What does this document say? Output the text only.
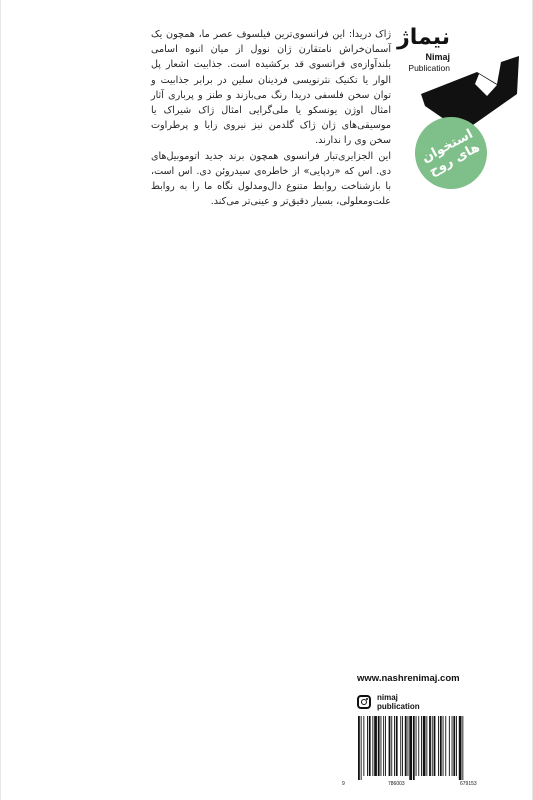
ژاک دریدا: این فرانسوی‌ترین فیلسوف عصر ما، همچون یک آسمان‌خراش نامتقارن ژان نوول از میان انبوه اسامی بلندآوازه‌ی فرانسوی قد برکشیده است. جذابیت اشعار پل الوار یا تکنیک نثرنویسی فردینان سلین در برابر جذابیت و توان سخن فلسفی دریدا رنگ می‌بازند و طنز و پرباری آثار امثال اوژن یونسکو یا ملی‌گرایی امثال ژاک شیراک یا موسیقی‌های ژان ژاک گلدمن نیز نیروی زایا و پرطراوت سخن وی را ندارند.

این الجزایری‌تبار فرانسوی همچون برند جدید اتوموبیل‌های دی. اس که «ردپایی» از خاطره‌ی سیدروئن دی. اس است، با بازشناخت روابط متنوع دال‌ومدلول نگاه ما را به روابط علت‌ومعلولی، بسیار دقیق‌تر و عینی‌تر می‌کند.

نیماژ
Nimaj
Publication
استخوان های روح
www.nashrenimaj.com
nimaj
publication
9	786003	679153
